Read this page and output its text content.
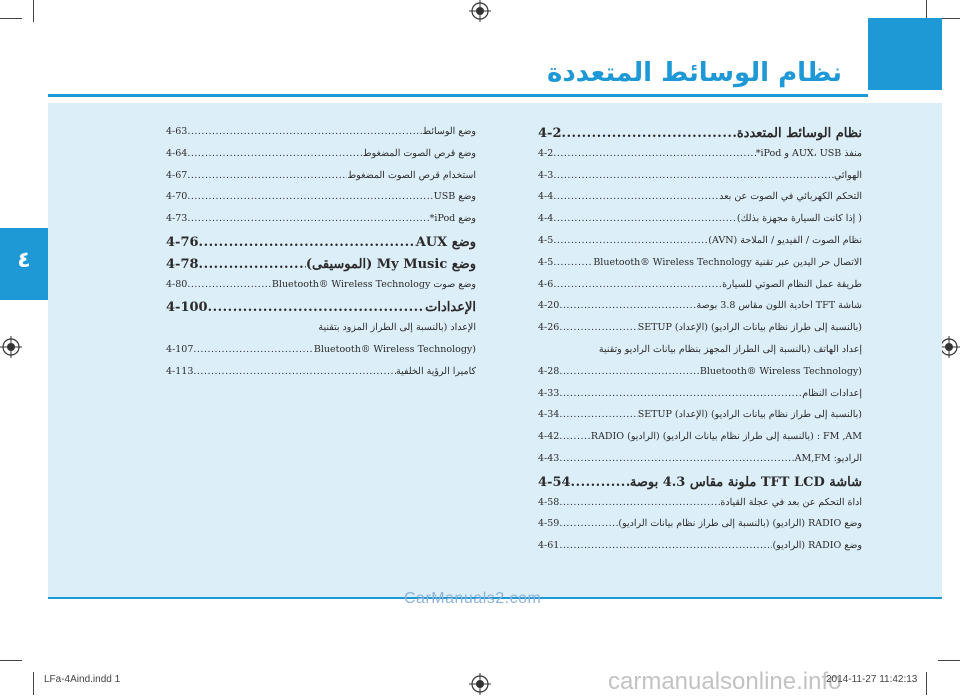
نظام الوسائط المتعددة
٤
4-2 .....	نظام الوسائط المتعددة
4-2 .....	منفذ AUX، USB و iPod*
4-3 .....	الهوائي
4-4 .....	التحكم الكهربائي في الصوت عن بعد
4-4 .....	( إذا كانت السيارة مجهزة بذلك)
4-5 .....	نظام الصوت / الفيديو / الملاحة (AVN)
4-5 .....	الاتصال حر اليدين عبر تقنية Bluetooth® Wireless Technology
4-6 .....	طريقة عمل النظام الصوتي للسيارة
4-20 .....	شاشة TFT أحادية اللون مقاس 3.8 بوصة
4-26 .....	SETUP (الإعداد) (بالنسبة إلى طراز نظام بيانات الراديو)
إعداد الهاتف (بالنسبة إلى الطراز المجهز بنظام بيانات الراديو وتقنية
4-28 .....	Bluetooth® Wireless Technology)
4-33 .....	إعدادات النظام
4-34 .....	SETUP (الإعداد) (بالنسبة إلى طراز نظام بيانات الراديو)
4-42 .....	RADIO (الراديو) (بالنسبة إلى طراز نظام بيانات الراديو) : FM ,AM
4-43 .....	الراديو: AM,FM
4-54 .....	شاشة TFT LCD ملونة مقاس 4.3 بوصة
4-58 .....	أداة التحكم عن بعد في عجلة القيادة
4-59 .....	وضع RADIO (الراديو) (بالنسبة إلى طراز نظام بيانات الراديو)
4-61 .....	وضع RADIO (الراديو)
4-63 .....	وضع الوسائط
4-64 .....	وضع قرص الصوت المضغوط
4-67 .....	استخدام قرص الصوت المضغوط
4-70 .....	وضع USB
4-73 .....	وضع iPod*
4-76 .....	وضع AUX
4-78 .....	وضع My Music (الموسيقى)
4-80 .....	وضع صوت Bluetooth® Wireless Technology
4-100 .....	الإعدادات
الإعداد (بالنسبة إلى الطراز المزود بتقنية
4-107 .....	Bluetooth® Wireless Technology)
4-113 .....	كاميرا الرؤية الخلفية
CarManuals2.com
LFa-4Aind.indd 1	carmanualsonline.info
2014-11-27 11:42:13
